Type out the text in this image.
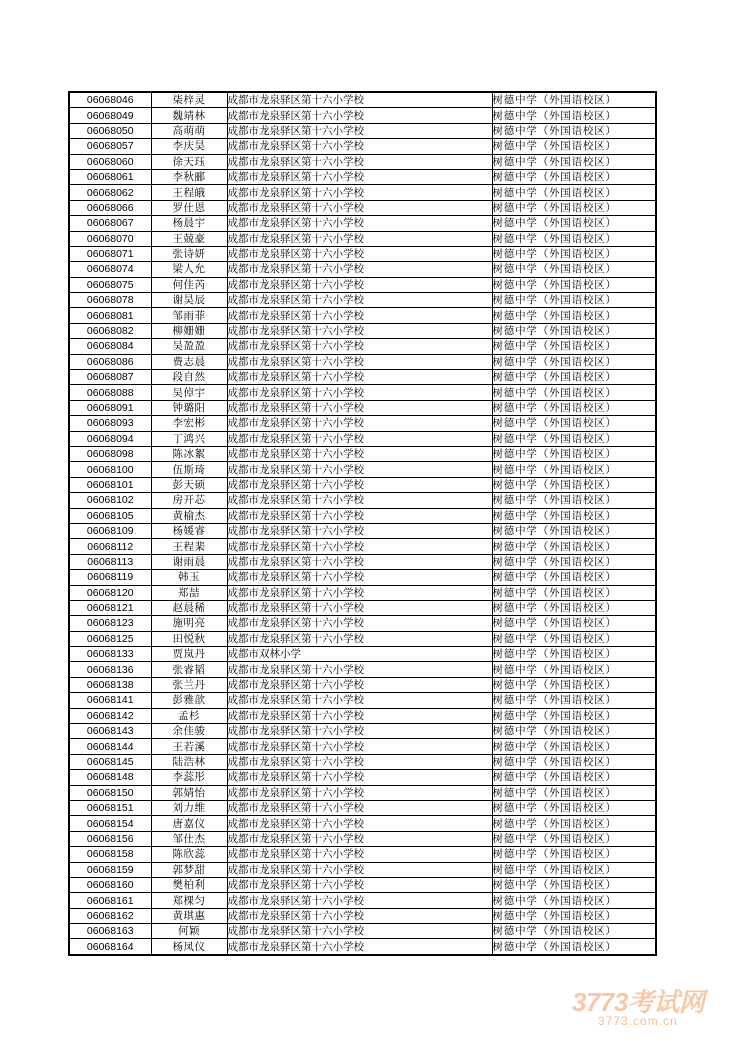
06068046	柒梓灵	成都市龙泉驿区第十六小学校	树德中学（外国语校区）
06068049	魏靖林	成都市龙泉驿区第十六小学校	树德中学（外国语校区）
06068050	高萌萌	成都市龙泉驿区第十六小学校	树德中学（外国语校区）
06068057	李庆昊	成都市龙泉驿区第十六小学校	树德中学（外国语校区）
06068060	徐天珏	成都市龙泉驿区第十六小学校	树德中学（外国语校区）
06068061	李秋郦	成都市龙泉驿区第十六小学校	树德中学（外国语校区）
06068062	王程皒	成都市龙泉驿区第十六小学校	树德中学（外国语校区）
06068066	罗仕恩	成都市龙泉驿区第十六小学校	树德中学（外国语校区）
06068067	杨晨宇	成都市龙泉驿区第十六小学校	树德中学（外国语校区）
06068070	王兢豪	成都市龙泉驿区第十六小学校	树德中学（外国语校区）
06068071	张诗妍	成都市龙泉驿区第十六小学校	树德中学（外国语校区）
06068074	梁人允	成都市龙泉驿区第十六小学校	树德中学（外国语校区）
06068075	何佳芮	成都市龙泉驿区第十六小学校	树德中学（外国语校区）
06068078	谢昊辰	成都市龙泉驿区第十六小学校	树德中学（外国语校区）
06068081	邹雨菲	成都市龙泉驿区第十六小学校	树德中学（外国语校区）
06068082	柳姗姗	成都市龙泉驿区第十六小学校	树德中学（外国语校区）
06068084	吴盈盈	成都市龙泉驿区第十六小学校	树德中学（外国语校区）
06068086	费志晨	成都市龙泉驿区第十六小学校	树德中学（外国语校区）
06068087	段自然	成都市龙泉驿区第十六小学校	树德中学（外国语校区）
06068088	吴倬宇	成都市龙泉驿区第十六小学校	树德中学（外国语校区）
06068091	钟璐阳	成都市龙泉驿区第十六小学校	树德中学（外国语校区）
06068093	李宏彬	成都市龙泉驿区第十六小学校	树德中学（外国语校区）
06068094	丁鸿兴	成都市龙泉驿区第十六小学校	树德中学（外国语校区）
06068098	陈冰絮	成都市龙泉驿区第十六小学校	树德中学（外国语校区）
06068100	伍斯琦	成都市龙泉驿区第十六小学校	树德中学（外国语校区）
06068101	彭天硕	成都市龙泉驿区第十六小学校	树德中学（外国语校区）
06068102	房开芯	成都市龙泉驿区第十六小学校	树德中学（外国语校区）
06068105	黄榆杰	成都市龙泉驿区第十六小学校	树德中学（外国语校区）
06068109	杨媛睿	成都市龙泉驿区第十六小学校	树德中学（外国语校区）
06068112	王程棐	成都市龙泉驿区第十六小学校	树德中学（外国语校区）
06068113	谢雨晨	成都市龙泉驿区第十六小学校	树德中学（外国语校区）
06068119	韩玉	成都市龙泉驿区第十六小学校	树德中学（外国语校区）
06068120	郑喆	成都市龙泉驿区第十六小学校	树德中学（外国语校区）
06068121	赵晨稀	成都市龙泉驿区第十六小学校	树德中学（外国语校区）
06068123	施明亮	成都市龙泉驿区第十六小学校	树德中学（外国语校区）
06068125	田悦秋	成都市龙泉驿区第十六小学校	树德中学（外国语校区）
06068133	贾岚丹	成都市双林小学	树德中学（外国语校区）
06068136	张睿韬	成都市龙泉驿区第十六小学校	树德中学（外国语校区）
06068138	张兰丹	成都市龙泉驿区第十六小学校	树德中学（外国语校区）
06068141	彭雅歆	成都市龙泉驿区第十六小学校	树德中学（外国语校区）
06068142	孟杉	成都市龙泉驿区第十六小学校	树德中学（外国语校区）
06068143	余佳骏	成都市龙泉驿区第十六小学校	树德中学（外国语校区）
06068144	王若溪	成都市龙泉驿区第十六小学校	树德中学（外国语校区）
06068145	陆浩林	成都市龙泉驿区第十六小学校	树德中学（外国语校区）
06068148	李蕊彤	成都市龙泉驿区第十六小学校	树德中学（外国语校区）
06068150	郭婧怡	成都市龙泉驿区第十六小学校	树德中学（外国语校区）
06068151	刘力维	成都市龙泉驿区第十六小学校	树德中学（外国语校区）
06068154	唐嘉仪	成都市龙泉驿区第十六小学校	树德中学（外国语校区）
06068156	邹仕杰	成都市龙泉驿区第十六小学校	树德中学（外国语校区）
06068158	陈欣蕊	成都市龙泉驿区第十六小学校	树德中学（外国语校区）
06068159	郭梦甜	成都市龙泉驿区第十六小学校	树德中学（外国语校区）
06068160	樊柏利	成都市龙泉驿区第十六小学校	树德中学（外国语校区）
06068161	郑棵匀	成都市龙泉驿区第十六小学校	树德中学（外国语校区）
06068162	黄琪惠	成都市龙泉驿区第十六小学校	树德中学（外国语校区）
06068163	何颖	成都市龙泉驿区第十六小学校	树德中学（外国语校区）
06068164	杨凤仪	成都市龙泉驿区第十六小学校	树德中学（外国语校区）
3773考试网
3773.com.cn
